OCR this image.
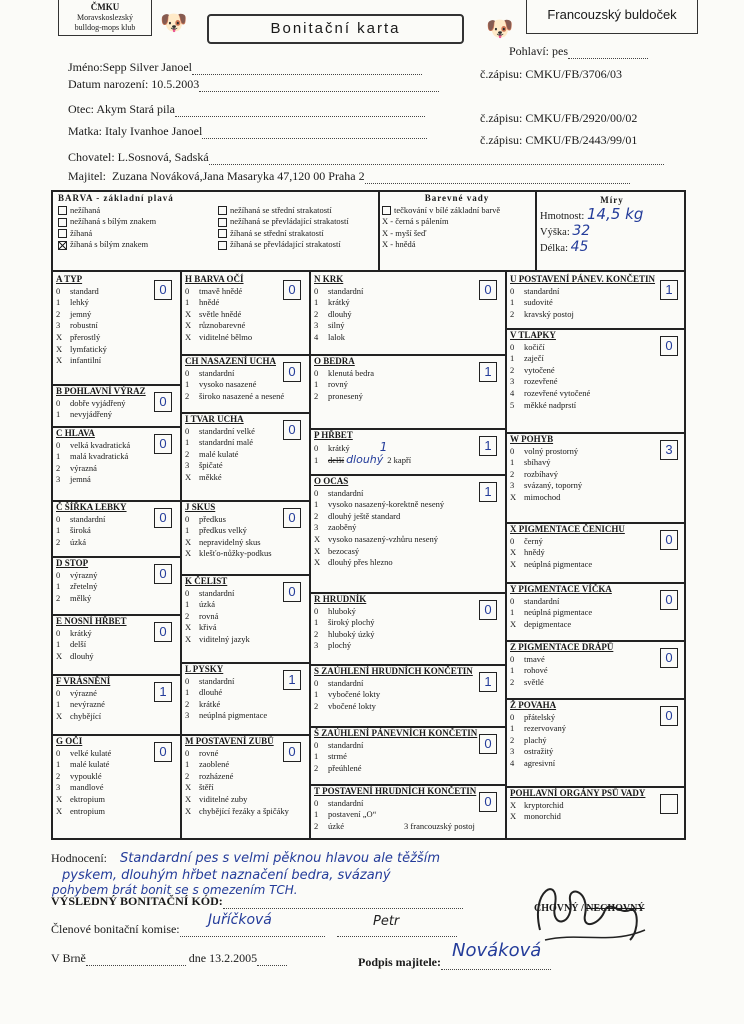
ČMKU
Moravskoslezský
bulldog-mops klub	🐶	Bonitační karta	🐶
Francouzský buldoček
Pohlaví: pes
Jméno:Sepp Silver Janoel	č.zápisu: CMKU/FB/3706/03
Datum narození: 10.5.2003
Otec: Akym Stará pila
č.zápisu: CMKU/FB/2920/00/02
Matka: Italy Ivanhoe Janoel
č.zápisu: CMKU/FB/2443/99/01
Chovatel: L.Sosnová, Sadská
Majitel: Zuzana Nováková,Jana Masaryka 47,120 00 Praha 2
BARVA - základní plavá
nežíhaná
nežíhaná s bílým znakem
žíhaná
žíhaná s bílým znakem
nežíhaná se střední strakatostí
nežíhaná se převládající strakatostí
žíhaná se střední strakatostí
žíhaná se převládající strakatostí
Barevné vady
tečkování v bílé základní barvě
X - černá s pálením
X - myší šeď
X - hnědá
Míry
Hmotnost: 14,5 kg
Výška: 32
Délka: 45
A TYP
0 standard
1 lehký
2 jemný
3 robustní
X přerostlý
X lymfatický
X infantilní
0
B POHLAVNÍ VÝRAZ
0 dobře vyjádřený
1 nevyjádřený
0
C HLAVA
0 velká kvadratická
1 malá kvadratická
2 výrazná
3 jemná
0
Č ŠÍŘKA LEBKY
0 standardní
1 široká
2 úzká
0
D STOP
0 výrazný
1 zřetelný
2 mělký
0
E NOSNÍ HŘBET
0 krátký
1 delší
X dlouhý
0
F VRÁSNĚNÍ
0 výrazné
1 nevýrazné
X chybějící
1
G OČI
0 velké kulaté
1 malé kulaté
2 vypouklé
3 mandlové
X ektropium
X entropium
0
H BARVA OČÍ
0 tmavě hnědé
1 hnědé
X světle hnědé
X různobarevné
X viditelné bělmo
0
CH NASAZENÍ UCHA
0 standardní
1 vysoko nasazené
2 široko nasazené a nesené
0
I TVAR UCHA
0 standardní velké
1 standardní malé
2 malé kulaté
3 špičaté
X měkké
0
J SKUS
0 předkus
1 předkus velký
X nepravidelný skus
X klešťo-nůžky-podkus
0
K ČELIST
0 standardní
1 úzká
2 rovná
X křivá
X viditelný jazyk
0
L PYSKY
0 standardní
1 dlouhé
2 krátké
3 neúplná pigmentace
1
M POSTAVENÍ ZUBŮ
0 rovné
1 zaoblené
2 rozházené
X štěří
X viditelné zuby
X chybějící řezáky a špičáky
0
N KRK
0 standardní
1 krátký
2 dlouhý
3 silný
4 lalok
0
O BEDRA
0 klenutá bedra
1 rovný
2 pronesený
1
P HŘBET
0 krátký	1
1 delší dlouhý 2 kapří
1
O OCAS
0 standardní
1 vysoko nasazený-korektně nesený
2 dlouhý ještě standard
3 zaoběný
X vysoko nasazený-vzhůru nesený
X bezocasý
X dlouhý přes hlezno
1
R HRUDNÍK
0 hluboký
1 široký plochý
2 hluboký úzký
3 plochý
0
S ZAÚHLENÍ HRUDNÍCH KONČETIN
0 standardní
1 vybočené lokty
2 vbočené lokty
1
Š ZAÚHLENÍ PÁNEVNÍCH KONČETIN
0 standardní
1 strmé
2 přeúhlené
0
T POSTAVENÍ HRUDNÍCH KONČETIN
0 standardní
1 postavení „O“
2 úzké	3 francouzský postoj
0
U POSTAVENÍ PÁNEV. KONČETIN
0 standardní
1 sudovité
2 kravský postoj
1
V TLAPKY
0 kočičí
1 zaječí
2 vytočené
3 rozevřené
4 rozevřené vytočené
5 měkké nadprstí
0
W POHYB
0 volný prostorný
1 sbíhavý
2 rozbíhavý
3 svázaný, toporný
X mimochod
3
X PIGMENTACE ČENICHU
0 černý
X hnědý
X neúplná pigmentace
0
Y PIGMENTACE VÍČKA
0 standardní
1 neúplná pigmentace
X depigmentace
0
Z PIGMENTACE DRÁPŮ
0 tmavé
1 rohové
2 světlé
0
Ž POVAHA
0 přátelský
1 rezervovaný
2 plachý
3 ostražitý
4 agresivní
0
POHLAVNÍ ORGÁNY PSŮ VADY
X kryptorchid
X monorchid
Hodnocení: Standardní pes s velmi pěknou hlavou ale těžším
pyskem, dlouhým hřbet naznačení bedra, svázaný
pohybem brát bonit se s omezením TCH.
VÝSLEDNÝ BONITAČNÍ KÓD:
CHOVNÝ / NECHOVNÝ
Členové bonitační komise:
Juříčková	Petr
V Brně	dne 13.2.2005	Podpis majitele:
Nováková
